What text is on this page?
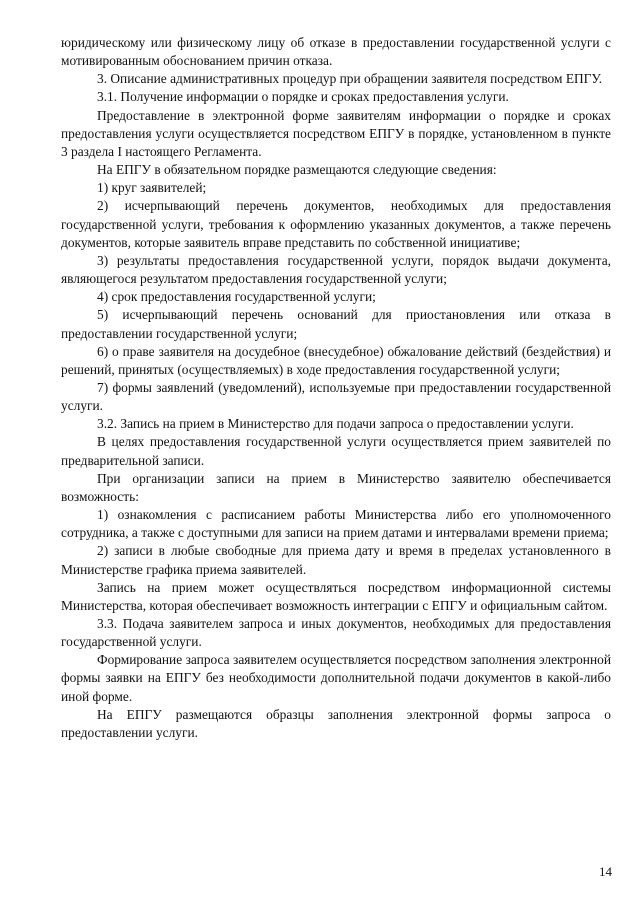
юридическому или физическому лицу об отказе в предоставлении государственной услуги с мотивированным обоснованием причин отказа.

3. Описание административных процедур при обращении заявителя посредством ЕПГУ.

3.1. Получение информации о порядке и сроках предоставления услуги.

Предоставление в электронной форме заявителям информации о порядке и сроках предоставления услуги осуществляется посредством ЕПГУ в порядке, установленном в пункте 3 раздела I настоящего Регламента.

На ЕПГУ в обязательном порядке размещаются следующие сведения:

1) круг заявителей;

2) исчерпывающий перечень документов, необходимых для предоставления государственной услуги, требования к оформлению указанных документов, а также перечень документов, которые заявитель вправе представить по собственной инициативе;

3) результаты предоставления государственной услуги, порядок выдачи документа, являющегося результатом предоставления государственной услуги;

4) срок предоставления государственной услуги;

5) исчерпывающий перечень оснований для приостановления или отказа в предоставлении государственной услуги;

6) о праве заявителя на досудебное (внесудебное) обжалование действий (бездействия) и решений, принятых (осуществляемых) в ходе предоставления государственной услуги;

7) формы заявлений (уведомлений), используемые при предоставлении государственной услуги.

3.2. Запись на прием в Министерство для подачи запроса о предоставлении услуги.

В целях предоставления государственной услуги осуществляется прием заявителей по предварительной записи.

При организации записи на прием в Министерство заявителю обеспечивается возможность:

1) ознакомления с расписанием работы Министерства либо его уполномоченного сотрудника, а также с доступными для записи на прием датами и интервалами времени приема;

2) записи в любые свободные для приема дату и время в пределах установленного в Министерстве графика приема заявителей.

Запись на прием может осуществляться посредством информационной системы Министерства, которая обеспечивает возможность интеграции с ЕПГУ и официальным сайтом.

3.3. Подача заявителем запроса и иных документов, необходимых для предоставления государственной услуги.

Формирование запроса заявителем осуществляется посредством заполнения электронной формы заявки на ЕПГУ без необходимости дополнительной подачи документов в какой-либо иной форме.

На ЕПГУ размещаются образцы заполнения электронной формы запроса о предоставлении услуги.

14
